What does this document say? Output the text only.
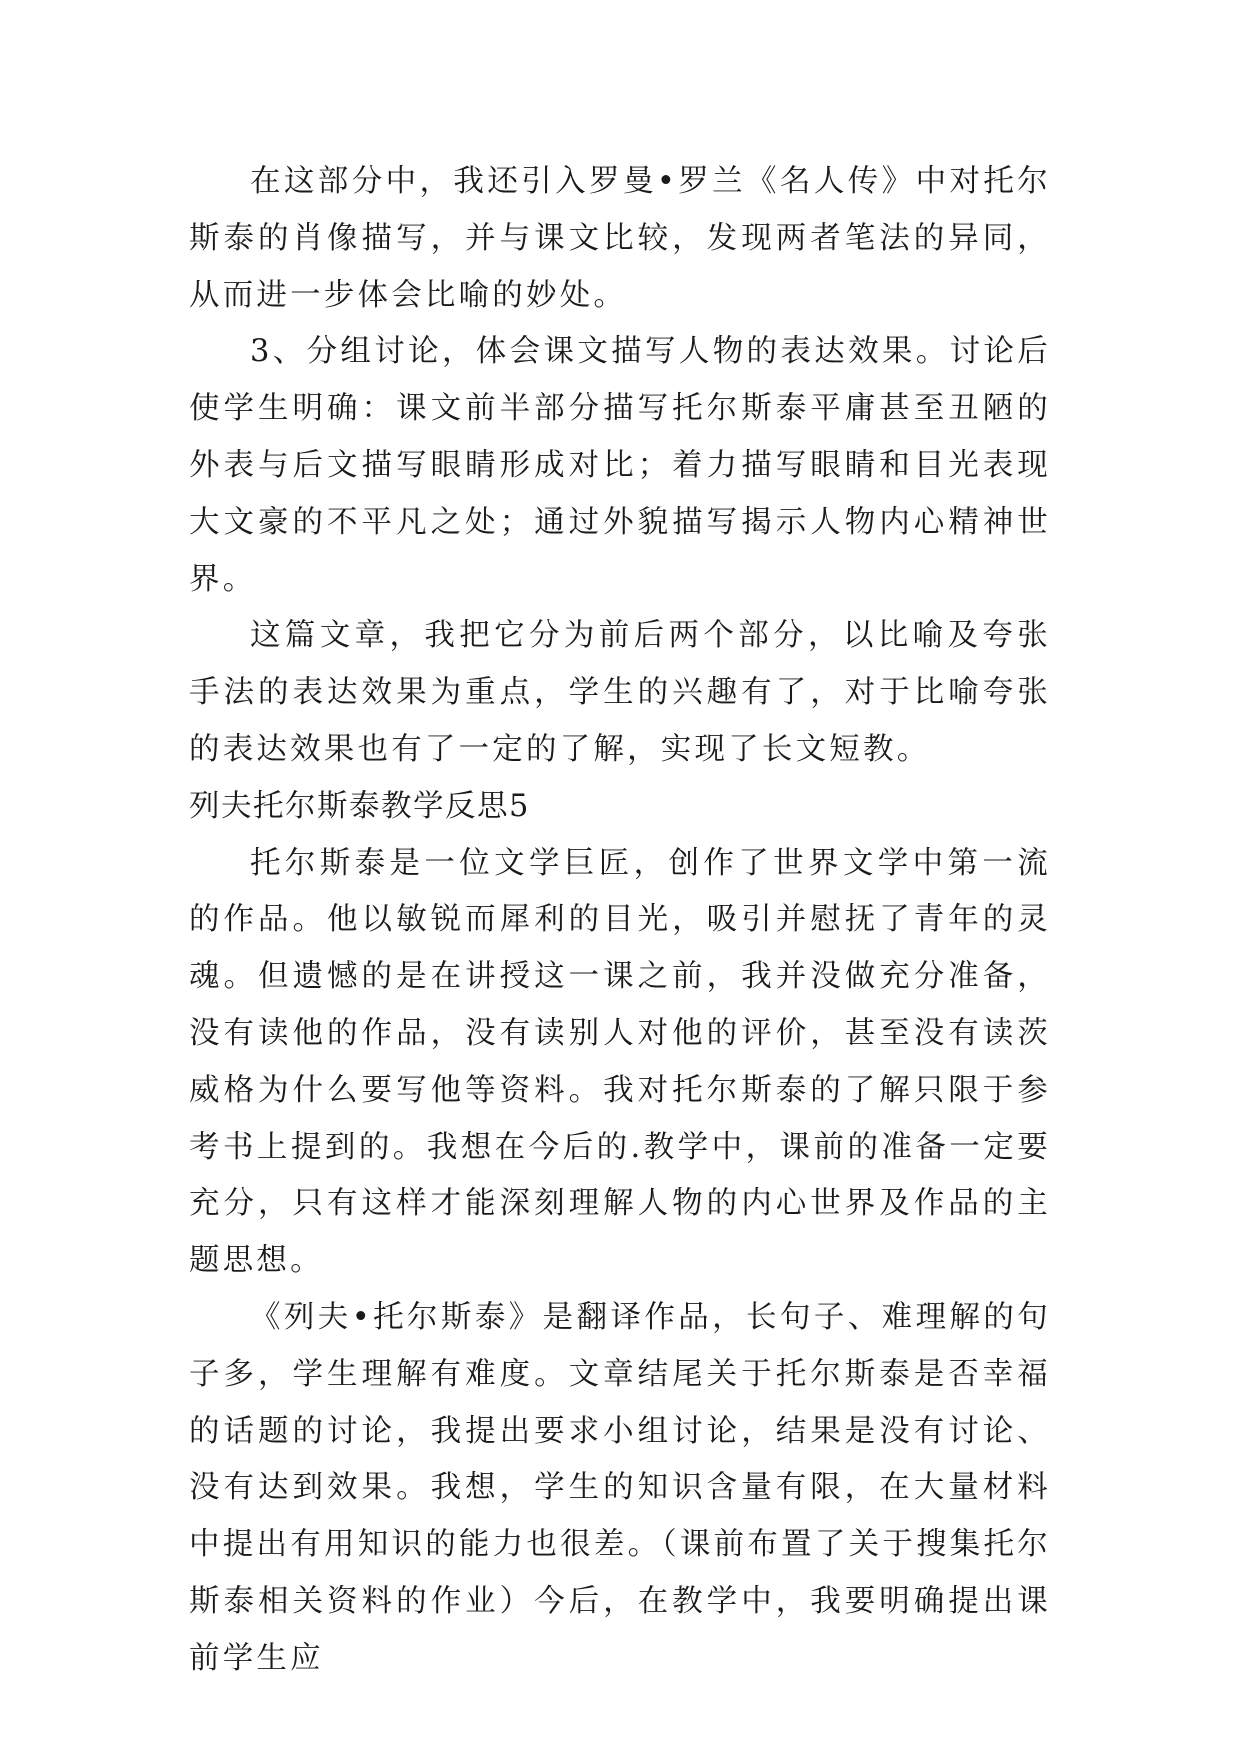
在这部分中，我还引入罗曼•罗兰《名人传》中对托尔斯泰的肖像描写，并与课文比较，发现两者笔法的异同，从而进一步体会比喻的妙处。

3、分组讨论，体会课文描写人物的表达效果。讨论后使学生明确：课文前半部分描写托尔斯泰平庸甚至丑陋的外表与后文描写眼睛形成对比；着力描写眼睛和目光表现大文豪的不平凡之处；通过外貌描写揭示人物内心精神世界。

这篇文章，我把它分为前后两个部分，以比喻及夸张手法的表达效果为重点，学生的兴趣有了，对于比喻夸张的表达效果也有了一定的了解，实现了长文短教。

列夫托尔斯泰教学反思5

托尔斯泰是一位文学巨匠，创作了世界文学中第一流的作品。他以敏锐而犀利的目光，吸引并慰抚了青年的灵魂。但遗憾的是在讲授这一课之前，我并没做充分准备，没有读他的作品，没有读别人对他的评价，甚至没有读茨威格为什么要写他等资料。我对托尔斯泰的了解只限于参考书上提到的。我想在今后的.教学中，课前的准备一定要充分，只有这样才能深刻理解人物的内心世界及作品的主题思想。

《列夫•托尔斯泰》是翻译作品，长句子、难理解的句子多，学生理解有难度。文章结尾关于托尔斯泰是否幸福的话题的讨论，我提出要求小组讨论，结果是没有讨论、没有达到效果。我想，学生的知识含量有限，在大量材料中提出有用知识的能力也很差。（课前布置了关于搜集托尔斯泰相关资料的作业）今后，在教学中，我要明确提出课前学生应
